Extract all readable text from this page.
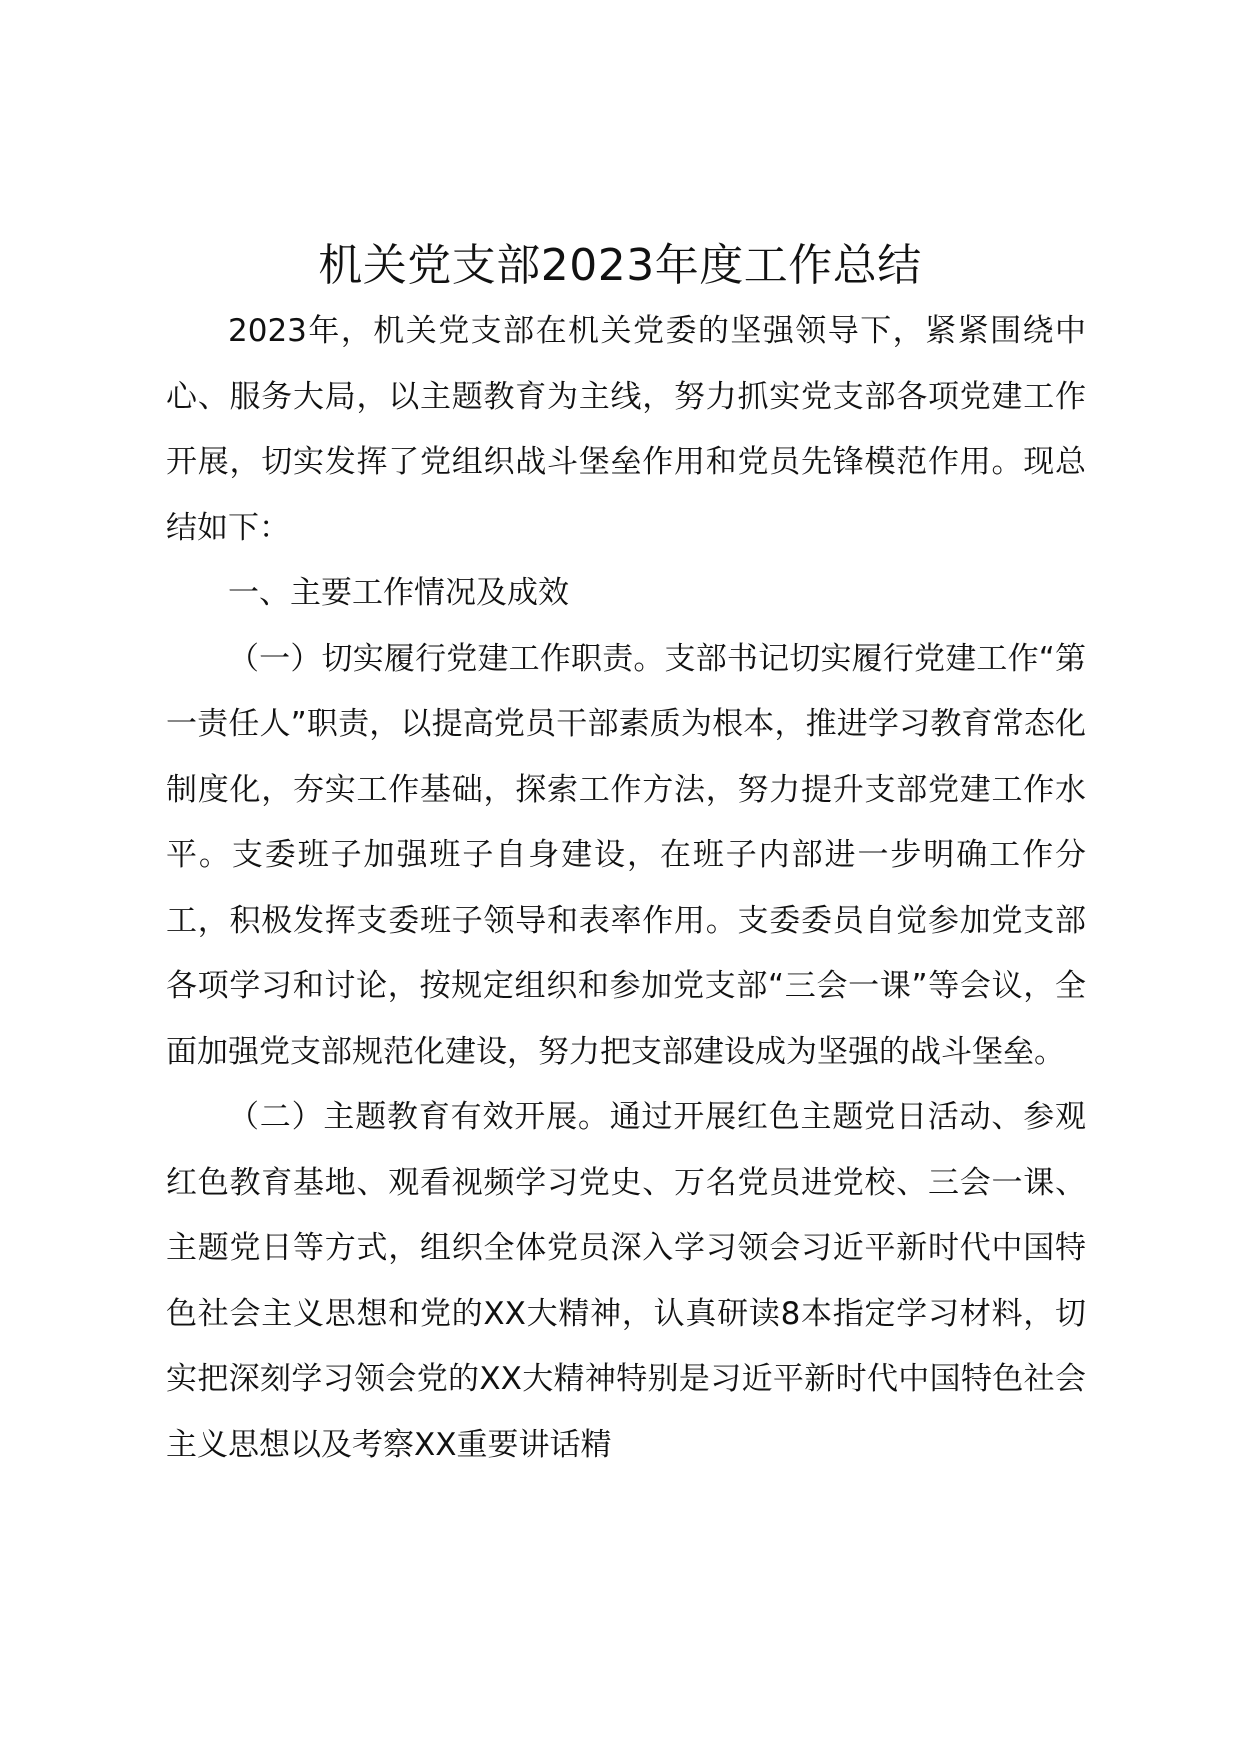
机关党支部2023年度工作总结

2023年，机关党支部在机关党委的坚强领导下，紧紧围绕中心、服务大局，以主题教育为主线，努力抓实党支部各项党建工作开展，切实发挥了党组织战斗堡垒作用和党员先锋模范作用。现总结如下：

一、主要工作情况及成效

（一）切实履行党建工作职责。支部书记切实履行党建工作“第一责任人”职责，以提高党员干部素质为根本，推进学习教育常态化制度化，夯实工作基础，探索工作方法，努力提升支部党建工作水平。支委班子加强班子自身建设，在班子内部进一步明确工作分工，积极发挥支委班子领导和表率作用。支委委员自觉参加党支部各项学习和讨论，按规定组织和参加党支部“三会一课”等会议，全面加强党支部规范化建设，努力把支部建设成为坚强的战斗堡垒。

（二）主题教育有效开展。通过开展红色主题党日活动、参观红色教育基地、观看视频学习党史、万名党员进党校、三会一课、主题党日等方式，组织全体党员深入学习领会习近平新时代中国特色社会主义思想和党的XX大精神，认真研读8本指定学习材料，切实把深刻学习领会党的XX大精神特别是习近平新时代中国特色社会主义思想以及考察XX重要讲话精
